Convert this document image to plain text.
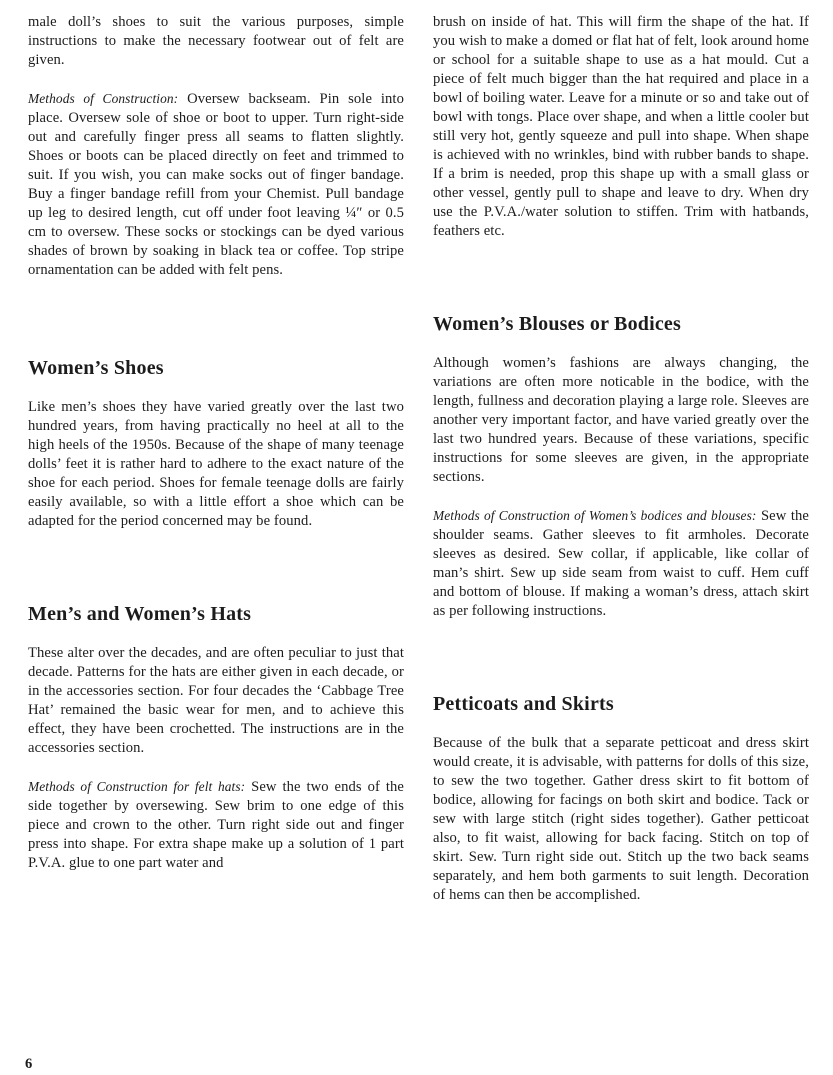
male doll’s shoes to suit the various purposes, simple instructions to make the necessary footwear out of felt are given.

Methods of Construction: Oversew backseam. Pin sole into place. Oversew sole of shoe or boot to upper. Turn right-side out and carefully finger press all seams to flatten slightly. Shoes or boots can be placed directly on feet and trimmed to suit. If you wish, you can make socks out of finger bandage. Buy a finger bandage refill from your Chemist. Pull bandage up leg to desired length, cut off under foot leaving ¼″ or 0.5 cm to oversew. These socks or stockings can be dyed various shades of brown by soaking in black tea or coffee. Top stripe ornamentation can be added with felt pens.

Women’s Shoes

Like men’s shoes they have varied greatly over the last two hundred years, from having practically no heel at all to the high heels of the 1950s. Because of the shape of many teenage dolls’ feet it is rather hard to adhere to the exact nature of the shoe for each period. Shoes for female teenage dolls are fairly easily available, so with a little effort a shoe which can be adapted for the period concerned may be found.

Men’s and Women’s Hats

These alter over the decades, and are often peculiar to just that decade. Patterns for the hats are either given in each decade, or in the accessories section. For four decades the ‘Cabbage Tree Hat’ remained the basic wear for men, and to achieve this effect, they have been crochetted. The instructions are in the accessories section.

Methods of Construction for felt hats: Sew the two ends of the side together by oversewing. Sew brim to one edge of this piece and crown to the other. Turn right side out and finger press into shape. For extra shape make up a solution of 1 part P.V.A. glue to one part water and

brush on inside of hat. This will firm the shape of the hat. If you wish to make a domed or flat hat of felt, look around home or school for a suitable shape to use as a hat mould. Cut a piece of felt much bigger than the hat required and place in a bowl of boiling water. Leave for a minute or so and take out of bowl with tongs. Place over shape, and when a little cooler but still very hot, gently squeeze and pull into shape. When shape is achieved with no wrinkles, bind with rubber bands to shape. If a brim is needed, prop this shape up with a small glass or other vessel, gently pull to shape and leave to dry. When dry use the P.V.A./water solution to stiffen. Trim with hatbands, feathers etc.

Women’s Blouses or Bodices

Although women’s fashions are always changing, the variations are often more noticable in the bodice, with the length, fullness and decoration playing a large role. Sleeves are another very important factor, and have varied greatly over the last two hundred years. Because of these variations, specific instructions for some sleeves are given, in the appropriate sections.

Methods of Construction of Women’s bodices and blouses: Sew the shoulder seams. Gather sleeves to fit armholes. Decorate sleeves as desired. Sew collar, if applicable, like collar of man’s shirt. Sew up side seam from waist to cuff. Hem cuff and bottom of blouse. If making a woman’s dress, attach skirt as per following instructions.

Petticoats and Skirts

Because of the bulk that a separate petticoat and dress skirt would create, it is advisable, with patterns for dolls of this size, to sew the two together. Gather dress skirt to fit bottom of bodice, allowing for facings on both skirt and bodice. Tack or sew with large stitch (right sides together). Gather petticoat also, to fit waist, allowing for back facing. Stitch on top of skirt. Sew. Turn right side out. Stitch up the two back seams separately, and hem both garments to suit length. Decoration of hems can then be accomplished.

6
